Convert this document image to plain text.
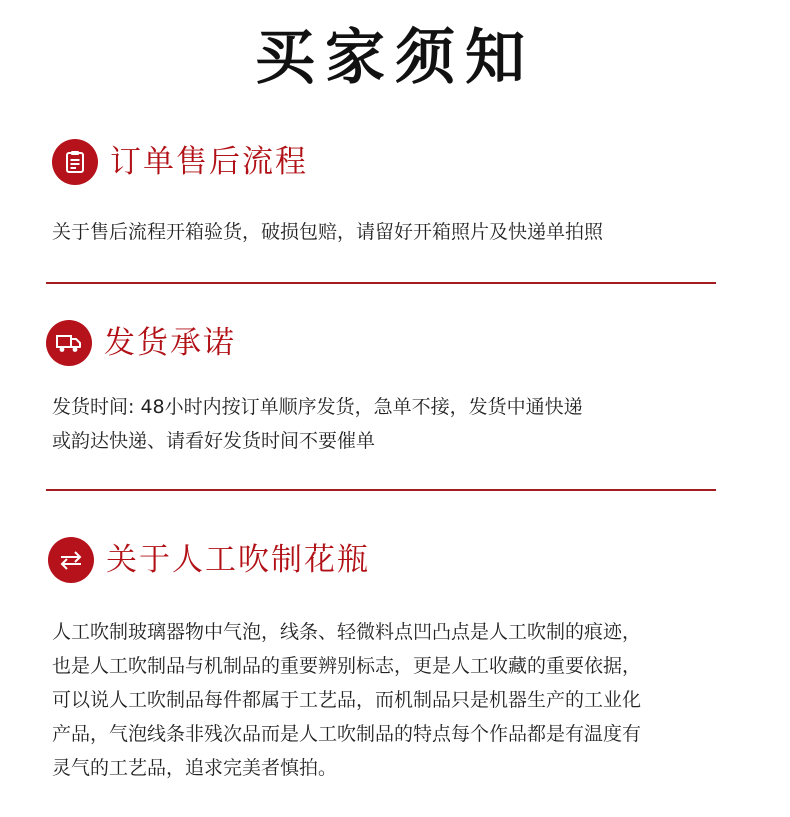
买家须知
订单售后流程
关于售后流程开箱验货，破损包赔，请留好开箱照片及快递单拍照
发货承诺
发货时间: 48小时内按订单顺序发货，急单不接，发货中通快递
或韵达快递、请看好发货时间不要催单
关于人工吹制花瓶
人工吹制玻璃器物中气泡，线条、轻微料点凹凸点是人工吹制的痕迹，
也是人工吹制品与机制品的重要辨别标志，更是人工收藏的重要依据，
可以说人工吹制品每件都属于工艺品，而机制品只是机器生产的工业化
产品，气泡线条非残次品而是人工吹制品的特点每个作品都是有温度有
灵气的工艺品，追求完美者慎拍。
